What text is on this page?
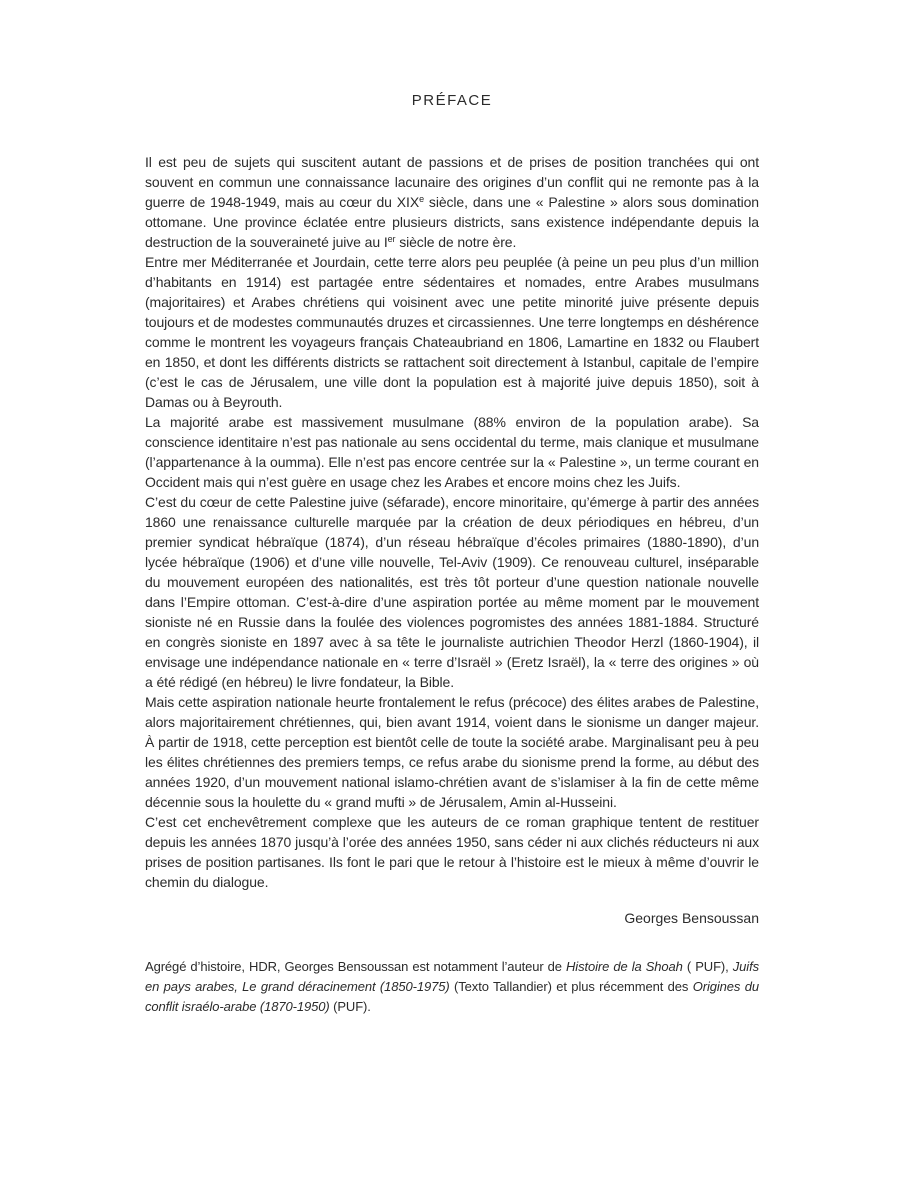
PRÉFACE

Il est peu de sujets qui suscitent autant de passions et de prises de position tranchées qui ont souvent en commun une connaissance lacunaire des origines d’un conflit qui ne remonte pas à la guerre de 1948-1949, mais au cœur du XIXe siècle, dans une « Palestine » alors sous domination ottomane. Une province éclatée entre plusieurs districts, sans existence indépendante depuis la destruction de la souveraineté juive au Ier siècle de notre ère.

Entre mer Méditerranée et Jourdain, cette terre alors peu peuplée (à peine un peu plus d’un million d’habitants en 1914) est partagée entre sédentaires et nomades, entre Arabes musulmans (majoritaires) et Arabes chrétiens qui voisinent avec une petite minorité juive présente depuis toujours et de modestes communautés druzes et circassiennes. Une terre longtemps en déshérence comme le montrent les voyageurs français Chateaubriand en 1806, Lamartine en 1832 ou Flaubert en 1850, et dont les différents districts se rattachent soit directement à Istanbul, capitale de l’empire (c’est le cas de Jérusalem, une ville dont la population est à majorité juive depuis 1850), soit à Damas ou à Beyrouth.

La majorité arabe est massivement musulmane (88% environ de la population arabe). Sa conscience identitaire n’est pas nationale au sens occidental du terme, mais clanique et musulmane (l’appartenance à la oumma). Elle n’est pas encore centrée sur la « Palestine », un terme courant en Occident mais qui n’est guère en usage chez les Arabes et encore moins chez les Juifs.

C’est du cœur de cette Palestine juive (séfarade), encore minoritaire, qu’émerge à partir des années 1860 une renaissance culturelle marquée par la création de deux périodiques en hébreu, d’un premier syndicat hébraïque (1874), d’un réseau hébraïque d’écoles primaires (1880-1890), d’un lycée hébraïque (1906) et d’une ville nouvelle, Tel-Aviv (1909). Ce renouveau culturel, inséparable du mouvement européen des nationalités, est très tôt porteur d’une question nationale nouvelle dans l’Empire ottoman. C’est-à-dire d’une aspiration portée au même moment par le mouvement sioniste né en Russie dans la foulée des violences pogromistes des années 1881-1884. Structuré en congrès sioniste en 1897 avec à sa tête le journaliste autrichien Theodor Herzl (1860-1904), il envisage une indépendance nationale en « terre d’Israël » (Eretz Israël), la « terre des origines » où a été rédigé (en hébreu) le livre fondateur, la Bible.

Mais cette aspiration nationale heurte frontalement le refus (précoce) des élites arabes de Palestine, alors majoritairement chrétiennes, qui, bien avant 1914, voient dans le sionisme un danger majeur. À partir de 1918, cette perception est bientôt celle de toute la société arabe. Marginalisant peu à peu les élites chrétiennes des premiers temps, ce refus arabe du sionisme prend la forme, au début des années 1920, d’un mouvement national islamo-chrétien avant de s’islamiser à la fin de cette même décennie sous la houlette du « grand mufti » de Jérusalem, Amin al-Husseini.

C’est cet enchevêtrement complexe que les auteurs de ce roman graphique tentent de restituer depuis les années 1870 jusqu’à l’orée des années 1950, sans céder ni aux clichés réducteurs ni aux prises de position partisanes. Ils font le pari que le retour à l’histoire est le mieux à même d’ouvrir le chemin du dialogue.

Georges Bensoussan

Agrégé d’histoire, HDR, Georges Bensoussan est notamment l’auteur de Histoire de la Shoah ( PUF), Juifs en pays arabes, Le grand déracinement (1850-1975) (Texto Tallandier) et plus récemment des Origines du conflit israélo-arabe (1870-1950) (PUF).
